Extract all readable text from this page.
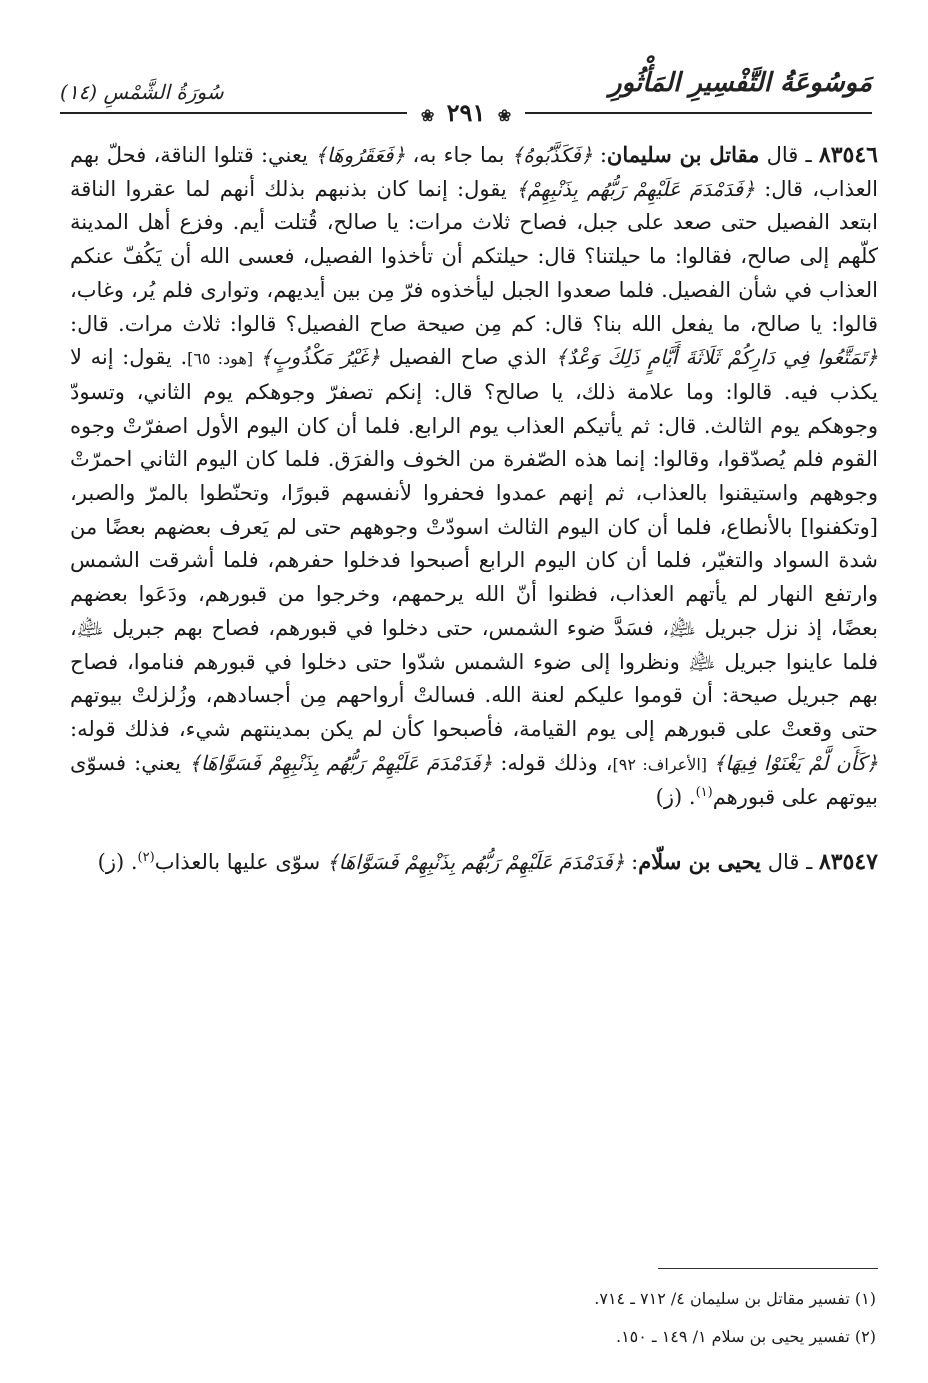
مَوسُوعَةُ التَّفْسِيرِ المَأْثُورِ
سُورَةُ الشَّمْسِ (١٤)
❀ ٢٩١ ❀

٨٣٥٤٦ ـ قال مقاتل بن سليمان: ﴿فَكَذَّبُوهُ﴾ بما جاء به، ﴿فَعَقَرُوهَا﴾ يعني: قتلوا الناقة، فحلّ بهم العذاب، قال: ﴿فَدَمْدَمَ عَلَيْهِمْ رَبُّهُم بِذَنْبِهِمْ﴾ يقول: إنما كان بذنبهم بذلك أنهم لما عقروا الناقة ابتعد الفصيل حتى صعد على جبل، فصاح ثلاث مرات: يا صالح، قُتلت أيم. وفزع أهل المدينة كلّهم إلى صالح، فقالوا: ما حيلتنا؟ قال: حيلتكم أن تأخذوا الفصيل، فعسى الله أن يَكُفّ عنكم العذاب في شأن الفصيل. فلما صعدوا الجبل ليأخذوه فرّ مِن بين أيديهم، وتوارى فلم يُر، وغاب، قالوا: يا صالح، ما يفعل الله بنا؟ قال: كم مِن صيحة صاح الفصيل؟ قالوا: ثلاث مرات. قال: ﴿تَمَتَّعُوا فِي دَارِكُمْ ثَلَاثَةَ أَيَّامٍ ذَلِكَ وَعْدٌ﴾ الذي صاح الفصيل ﴿غَيْرُ مَكْذُوبٍ﴾ [هود: ٦٥]. يقول: إنه لا يكذب فيه. قالوا: وما علامة ذلك، يا صالح؟ قال: إنكم تصفرّ وجوهكم يوم الثاني، وتسودّ وجوهكم يوم الثالث. قال: ثم يأتيكم العذاب يوم الرابع. فلما أن كان اليوم الأول اصفرّتْ وجوه القوم فلم يُصدّقوا، وقالوا: إنما هذه الصّفرة من الخوف والفرَق. فلما كان اليوم الثاني احمرّتْ وجوههم واستيقنوا بالعذاب، ثم إنهم عمدوا فحفروا لأنفسهم قبورًا، وتحنّطوا بالمرّ والصبر، [وتكفنوا] بالأنطاع، فلما أن كان اليوم الثالث اسودّتْ وجوههم حتى لم يَعرف بعضهم بعضًا من شدة السواد والتغيّر، فلما أن كان اليوم الرابع أصبحوا فدخلوا حفرهم، فلما أشرقت الشمس وارتفع النهار لم يأتهم العذاب، فظنوا أنّ الله يرحمهم، وخرجوا من قبورهم، ودَعَوا بعضهم بعضًا، إذ نزل جبريل ﵇، فسَدَّ ضوء الشمس، حتى دخلوا في قبورهم، فصاح بهم جبريل ﵇، فلما عاينوا جبريل ﵇ ونظروا إلى ضوء الشمس شدّوا حتى دخلوا في قبورهم فناموا، فصاح بهم جبريل صيحة: أن قوموا عليكم لعنة الله. فسالتْ أرواحهم مِن أجسادهم، وزُلزلتْ بيوتهم حتى وقعتْ على قبورهم إلى يوم القيامة، فأصبحوا كأن لم يكن بمدينتهم شيء، فذلك قوله: ﴿كَأَن لَّمْ يَغْنَوْا فِيهَا﴾ [الأعراف: ٩٢]، وذلك قوله: ﴿فَدَمْدَمَ عَلَيْهِمْ رَبُّهُم بِذَنْبِهِمْ فَسَوَّاهَا﴾ يعني: فسوّى بيوتهم على قبورهم$^{(١)}$. (ز)

٨٣٥٤٧ ـ قال يحيى بن سلّام: ﴿فَدَمْدَمَ عَلَيْهِمْ رَبُّهُم بِذَنْبِهِمْ فَسَوَّاهَا﴾ سوّى عليها بالعذاب$^{(٢)}$. (ز)

(١) تفسير مقاتل بن سليمان ٤/ ٧١٢ ـ ٧١٤.

(٢) تفسير يحيى بن سلام ١/ ١٤٩ ـ ١٥٠.
